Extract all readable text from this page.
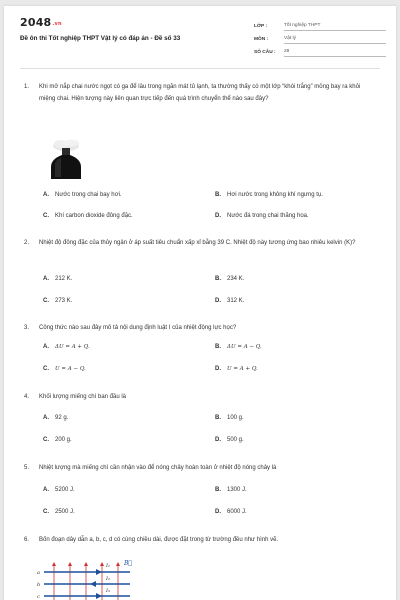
2048.vn
Đề ôn thi Tốt nghiệp THPT Vật lý có đáp án - Đề số 33
LỚP :	Tốt nghiệp THPT
MÔN :	Vật lý
SỐ CÂU :	28
1. Khi mở nắp chai nước ngọt có ga để lâu trong ngăn mát tủ lạnh, ta thường thấy có một lớp “khói trắng” mỏng bay ra khỏi miệng chai. Hiện tượng này liên quan trực tiếp đến quá trình chuyển thể nào sau đây?
A. Nước trong chai bay hơi.	B. Hơi nước trong không khí ngưng tụ.
C. Khí carbon dioxide đông đặc.	D. Nước đá trong chai thăng hoa.
2. Nhiệt độ đông đặc của thủy ngân ở áp suất tiêu chuẩn xấp xỉ bằng 39 C. Nhiệt độ này tương ứng bao nhiêu kelvin (K)?
A. 212 K.	B. 234 K.
C. 273 K.	D. 312 K.
3. Công thức nào sau đây mô tả nội dung định luật I của nhiệt động lực học?
A. ΔU = A + Q.	B. ΔU = A − Q.
C. U = A − Q.	D. U = A + Q.
4. Khối lượng miếng chì ban đầu là
A. 92 g.	B. 100 g.
C. 200 g.	D. 500 g.
5. Nhiệt lượng mà miếng chì cần nhận vào để nóng chảy hoàn toàn ở nhiệt độ nóng chảy là
A. 5200 J.	B. 1300 J.
C. 2500 J.	D. 6000 J.
6. Bốn đoạn dây dẫn a, b, c, d có cùng chiều dài, được đặt trong từ trường đều như hình vẽ.
a
b
c
I₁
I₂
I₃
B⃗
